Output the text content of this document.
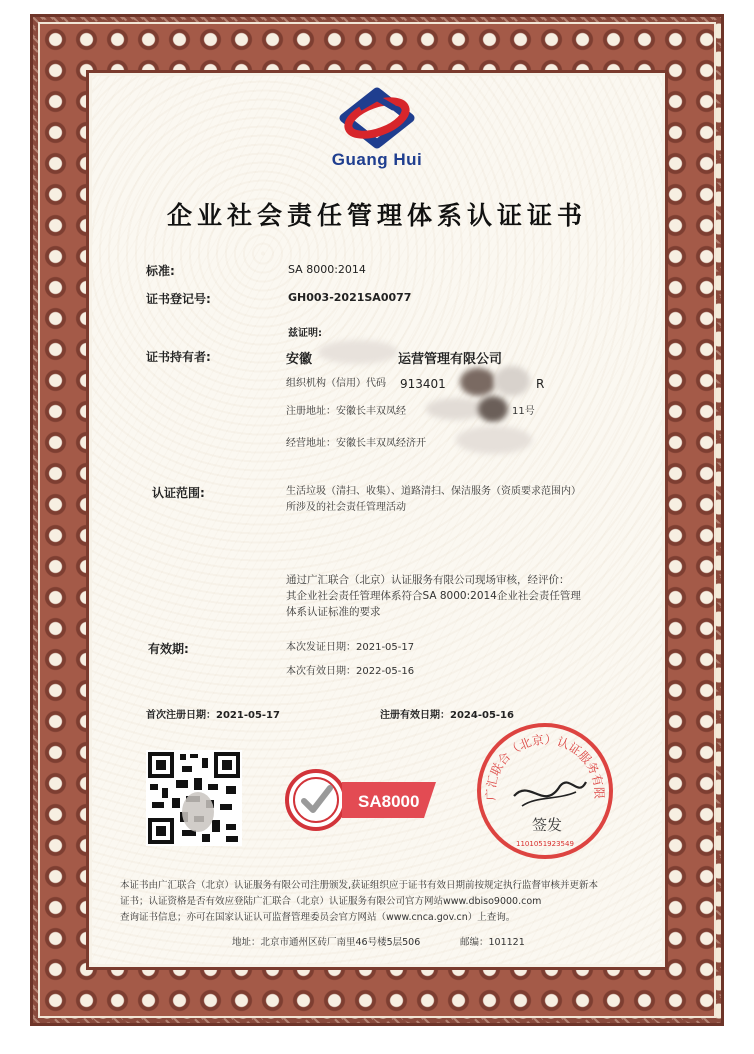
Guang Hui
企业社会责任管理体系认证证书
标准:	SA 8000:2014
证书登记号:	GH003-2021SA0077
兹证明:
证书持有者:	安徽	运营管理有限公司
组织机构（信用）代码 913401	R
注册地址：安徽长丰双凤经	11号
经营地址：安徽长丰双凤经济开
认证范围:	生活垃圾（清扫、收集）、道路清扫、保洁服务（资质要求范围内）
所涉及的社会责任管理活动
通过广汇联合（北京）认证服务有限公司现场审核，经评价：
其企业社会责任管理体系符合SA 8000:2014企业社会责任管理
体系认证标准的要求
有效期:	本次发证日期：2021-05-17
本次有效日期：2022-05-16
首次注册日期：2021-05-17	注册有效日期：2024-05-16
SA8000	广汇联合（北京）认证服务有限
签发
1101051923549
本证书由广汇联合（北京）认证服务有限公司注册颁发,获证组织应于证书有效日期前按规定执行监督审核并更新本
证书；认证资格是否有效应登陆广汇联合（北京）认证服务有限公司官方网站www.dbiso9000.com
查询证书信息；亦可在国家认证认可监督管理委员会官方网站（www.cnca.gov.cn）上查询。
地址：北京市通州区砖厂南里46号楼5层506	邮编：101121
